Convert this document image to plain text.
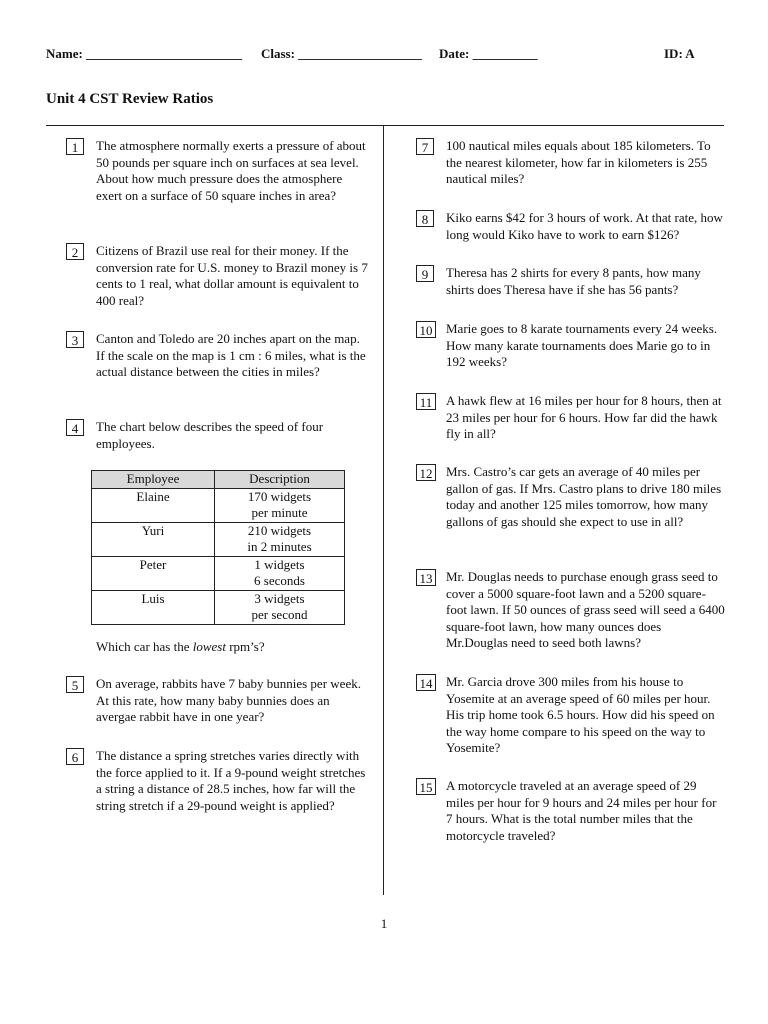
Name: ________________________ Class: ___________________ Date: __________	ID: A
Unit 4 CST Review Ratios
1	The atmosphere normally exerts a pressure of about 50 pounds per square inch on surfaces at sea level. About how much pressure does the atmosphere exert on a surface of 50 square inches in area?
2	Citizens of Brazil use real for their money. If the conversion rate for U.S. money to Brazil money is 7 cents to 1 real, what dollar amount is equivalent to 400 real?
3	Canton and Toledo are 20 inches apart on the map. If the scale on the map is 1 cm : 6 miles, what is the actual distance between the cities in miles?
4	The chart below describes the speed of four employees.
Employee	Description
Elaine	170 widgets
per minute
Yuri	210 widgets
in 2 minutes
Peter	1 widgets
6 seconds
Luis	3 widgets
per second
Which car has the lowest rpm’s?
5	On average, rabbits have 7 baby bunnies per week. At this rate, how many baby bunnies does an avergae rabbit have in one year?
6	The distance a spring stretches varies directly with the force applied to it. If a 9-pound weight stretches a string a distance of 28.5 inches, how far will the string stretch if a 29-pound weight is applied?
7	100 nautical miles equals about 185 kilometers. To the nearest kilometer, how far in kilometers is 255 nautical miles?
8	Kiko earns $42 for 3 hours of work. At that rate, how long would Kiko have to work to earn $126?
9	Theresa has 2 shirts for every 8 pants, how many shirts does Theresa have if she has 56 pants?
10 Marie goes to 8 karate tournaments every 24 weeks. How many karate tournaments does Marie go to in 192 weeks?
11 A hawk flew at 16 miles per hour for 8 hours, then at 23 miles per hour for 6 hours. How far did the hawk fly in all?
12 Mrs. Castro’s car gets an average of 40 miles per gallon of gas. If Mrs. Castro plans to drive 180 miles today and another 125 miles tomorrow, how many gallons of gas should she expect to use in all?
13 Mr. Douglas needs to purchase enough grass seed to cover a 5000 square-foot lawn and a 5200 square-foot lawn. If 50 ounces of grass seed will seed a 6400 square-foot lawn, how many ounces does Mr.Douglas need to seed both lawns?
14 Mr. Garcia drove 300 miles from his house to Yosemite at an average speed of 60 miles per hour. His trip home took 6.5 hours. How did his speed on the way home compare to his speed on the way to Yosemite?
15 A motorcycle traveled at an average speed of 29 miles per hour for 9 hours and 24 miles per hour for 7 hours. What is the total number miles that the motorcycle traveled?
1
